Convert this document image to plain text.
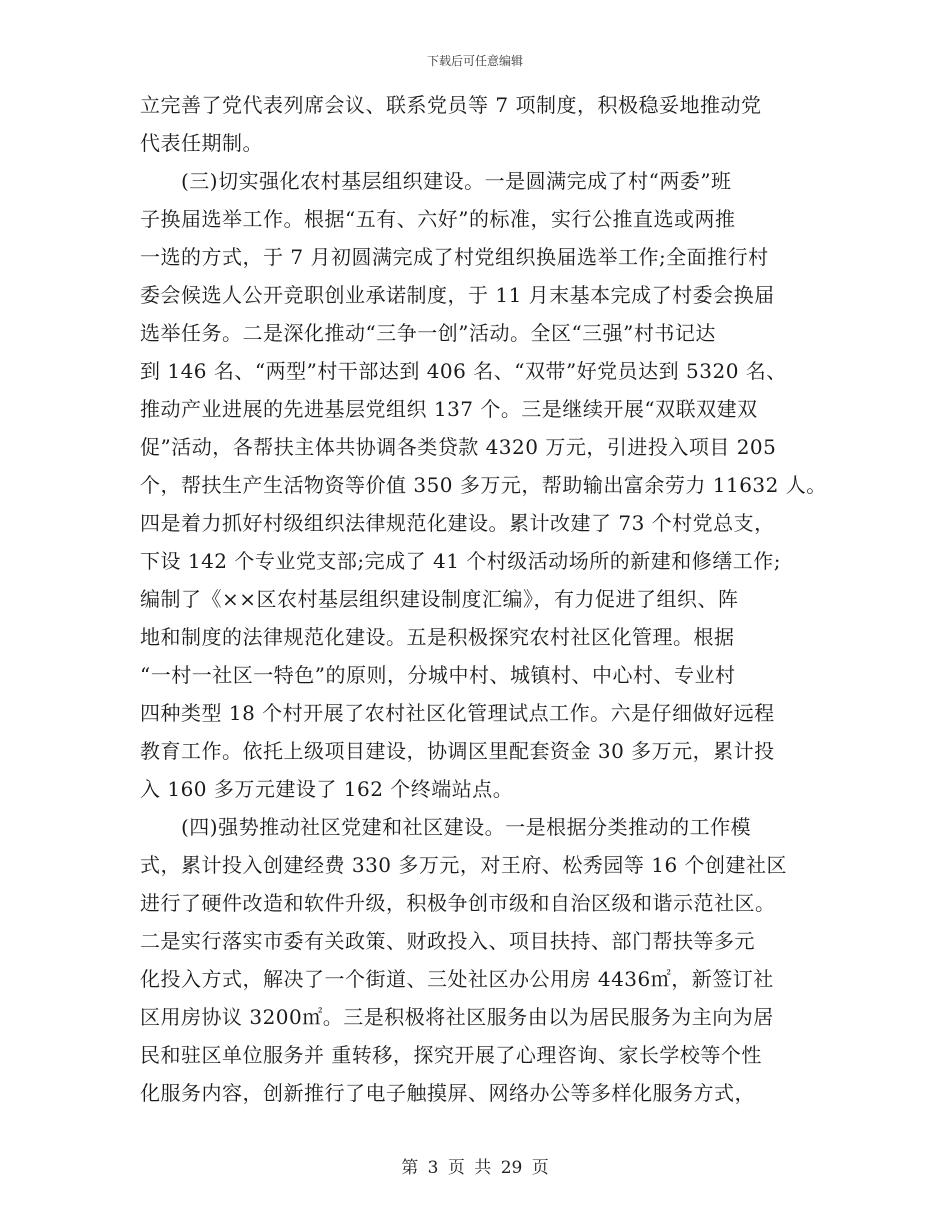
下载后可任意编辑
立完善了党代表列席会议、联系党员等 7 项制度，积极稳妥地推动党
代表任期制。
　　(三)切实强化农村基层组织建设。一是圆满完成了村“两委”班
子换届选举工作。根据“五有、六好”的标准，实行公推直选或两推
一选的方式，于 7 月初圆满完成了村党组织换届选举工作;全面推行村
委会候选人公开竞职创业承诺制度，于 11 月末基本完成了村委会换届
选举任务。二是深化推动“三争一创”活动。全区“三强”村书记达
到 146 名、“两型”村干部达到 406 名、“双带”好党员达到 5320 名、
推动产业进展的先进基层党组织 137 个。三是继续开展“双联双建双
促”活动，各帮扶主体共协调各类贷款 4320 万元，引进投入项目 205
个，帮扶生产生活物资等价值 350 多万元，帮助输出富余劳力 11632 人。
四是着力抓好村级组织法律规范化建设。累计改建了 73 个村党总支，
下设 142 个专业党支部;完成了 41 个村级活动场所的新建和修缮工作;
编制了《××区农村基层组织建设制度汇编》，有力促进了组织、阵
地和制度的法律规范化建设。五是积极探究农村社区化管理。根据
“一村一社区一特色”的原则，分城中村、城镇村、中心村、专业村
四种类型 18 个村开展了农村社区化管理试点工作。六是仔细做好远程
教育工作。依托上级项目建设，协调区里配套资金 30 多万元，累计投
入 160 多万元建设了 162 个终端站点。
　　(四)强势推动社区党建和社区建设。一是根据分类推动的工作模
式，累计投入创建经费 330 多万元，对王府、松秀园等 16 个创建社区
进行了硬件改造和软件升级，积极争创市级和自治区级和谐示范社区。
二是实行落实市委有关政策、财政投入、项目扶持、部门帮扶等多元
化投入方式，解决了一个街道、三处社区办公用房 4436㎡，新签订社
区用房协议 3200㎡。三是积极将社区服务由以为居民服务为主向为居
民和驻区单位服务并 重转移，探究开展了心理咨询、家长学校等个性
化服务内容，创新推行了电子触摸屏、网络办公等多样化服务方式，
第 3 页 共 29 页
